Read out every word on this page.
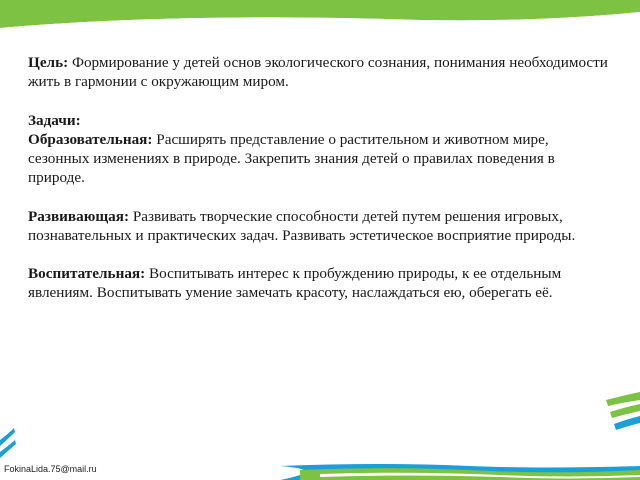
Цель: Формирование у детей основ экологического сознания, понимания необходимости жить в гармонии с окружающим миром.

Задачи:
Образовательная: Расширять представление о растительном и животном мире, сезонных изменениях в природе. Закрепить знания детей о правилах поведения в природе.

Развивающая: Развивать творческие способности детей путем решения игровых, познавательных и практических задач. Развивать эстетическое восприятие природы.

Воспитательная: Воспитывать интерес к пробуждению природы, к ее отдельным явлениям. Воспитывать умение замечать красоту, наслаждаться ею, оберегать её.

FokinaLida.75@mail.ru
